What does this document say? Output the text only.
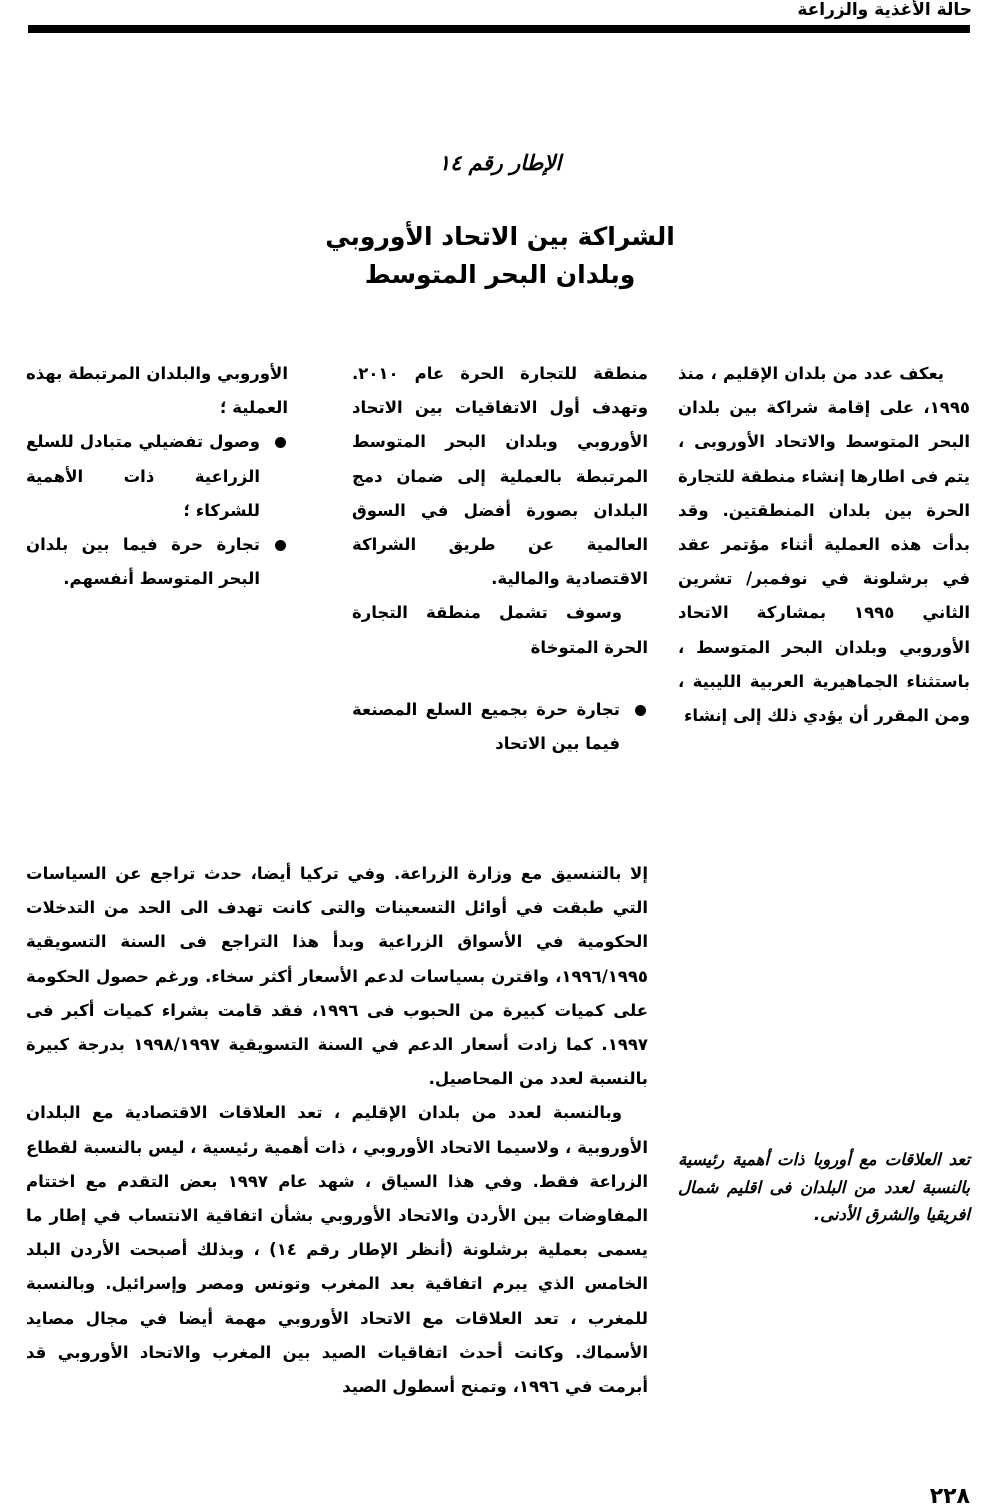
حالة الأغذية والزراعة
الإطار رقم ١٤
الشراكة بين الاتحاد الأوروبي
وبلدان البحر المتوسط

يعكف عدد من بلدان الإقليم ، منذ ١٩٩٥، على إقامة شراكة بين بلدان البحر المتوسط والاتحاد الأوروبى ، يتم فى اطارها إنشاء منطقة للتجارة الحرة بين بلدان المنطقتين. وقد بدأت هذه العملية أثناء مؤتمر عقد في برشلونة في نوفمبر/ تشرين الثاني ١٩٩٥ بمشاركة الاتحاد الأوروبي وبلدان البحر المتوسط ، باستثناء الجماهيرية العربية الليبية ، ومن المقرر أن يؤدي ذلك إلى إنشاء

منطقة للتجارة الحرة عام ٢٠١٠. وتهدف أول الاتفاقيات بين الاتحاد الأوروبي وبلدان البحر المتوسط المرتبطة بالعملية إلى ضمان دمج البلدان بصورة أفضل في السوق العالمية عن طريق الشراكة الاقتصادية والمالية.

وسوف تشمل منطقة التجارة الحرة المتوخاة

تجارة حرة بجميع السلع المصنعة فيما بين الاتحاد

الأوروبي والبلدان المرتبطة بهذه العملية ؛

وصول تفضيلي متبادل للسلع الزراعية ذات الأهمية للشركاء ؛
تجارة حرة فيما بين بلدان البحر المتوسط أنفسهم.

إلا بالتنسيق مع وزارة الزراعة. وفي تركيا أيضا، حدث تراجع عن السياسات التي طبقت في أوائل التسعينات والتى كانت تهدف الى الحد من التدخلات الحكومية في الأسواق الزراعية وبدأ هذا التراجع فى السنة التسويقية ١٩٩٦/١٩٩٥، واقترن بسياسات لدعم الأسعار أكثر سخاء. ورغم حصول الحكومة على كميات كبيرة من الحبوب فى ١٩٩٦، فقد قامت بشراء كميات أكبر فى ١٩٩٧. كما زادت أسعار الدعم في السنة التسويقية ١٩٩٨/١٩٩٧ بدرجة كبيرة بالنسبة لعدد من المحاصيل.

وبالنسبة لعدد من بلدان الإقليم ، تعد العلاقات الاقتصادية مع البلدان الأوروبية ، ولاسيما الاتحاد الأوروبي ، ذات أهمية رئيسية ، ليس بالنسبة لقطاع الزراعة فقط. وفي هذا السياق ، شهد عام ١٩٩٧ بعض التقدم مع اختتام المفاوضات بين الأردن والاتحاد الأوروبي بشأن اتفاقية الانتساب في إطار ما يسمى بعملية برشلونة (أنظر الإطار رقم ١٤) ، وبذلك أصبحت الأردن البلد الخامس الذي يبرم اتفاقية بعد المغرب وتونس ومصر وإسرائيل. وبالنسبة للمغرب ، تعد العلاقات مع الاتحاد الأوروبي مهمة أيضا في مجال مصايد الأسماك. وكانت أحدث اتفاقيات الصيد بين المغرب والاتحاد الأوروبي قد أبرمت في ١٩٩٦، وتمنح أسطول الصيد

تعد العلاقات مع أوروبا ذات أهمية رئيسية بالنسبة لعدد من البلدان فى اقليم شمال افريقيا والشرق الأدنى.
٢٢٨
